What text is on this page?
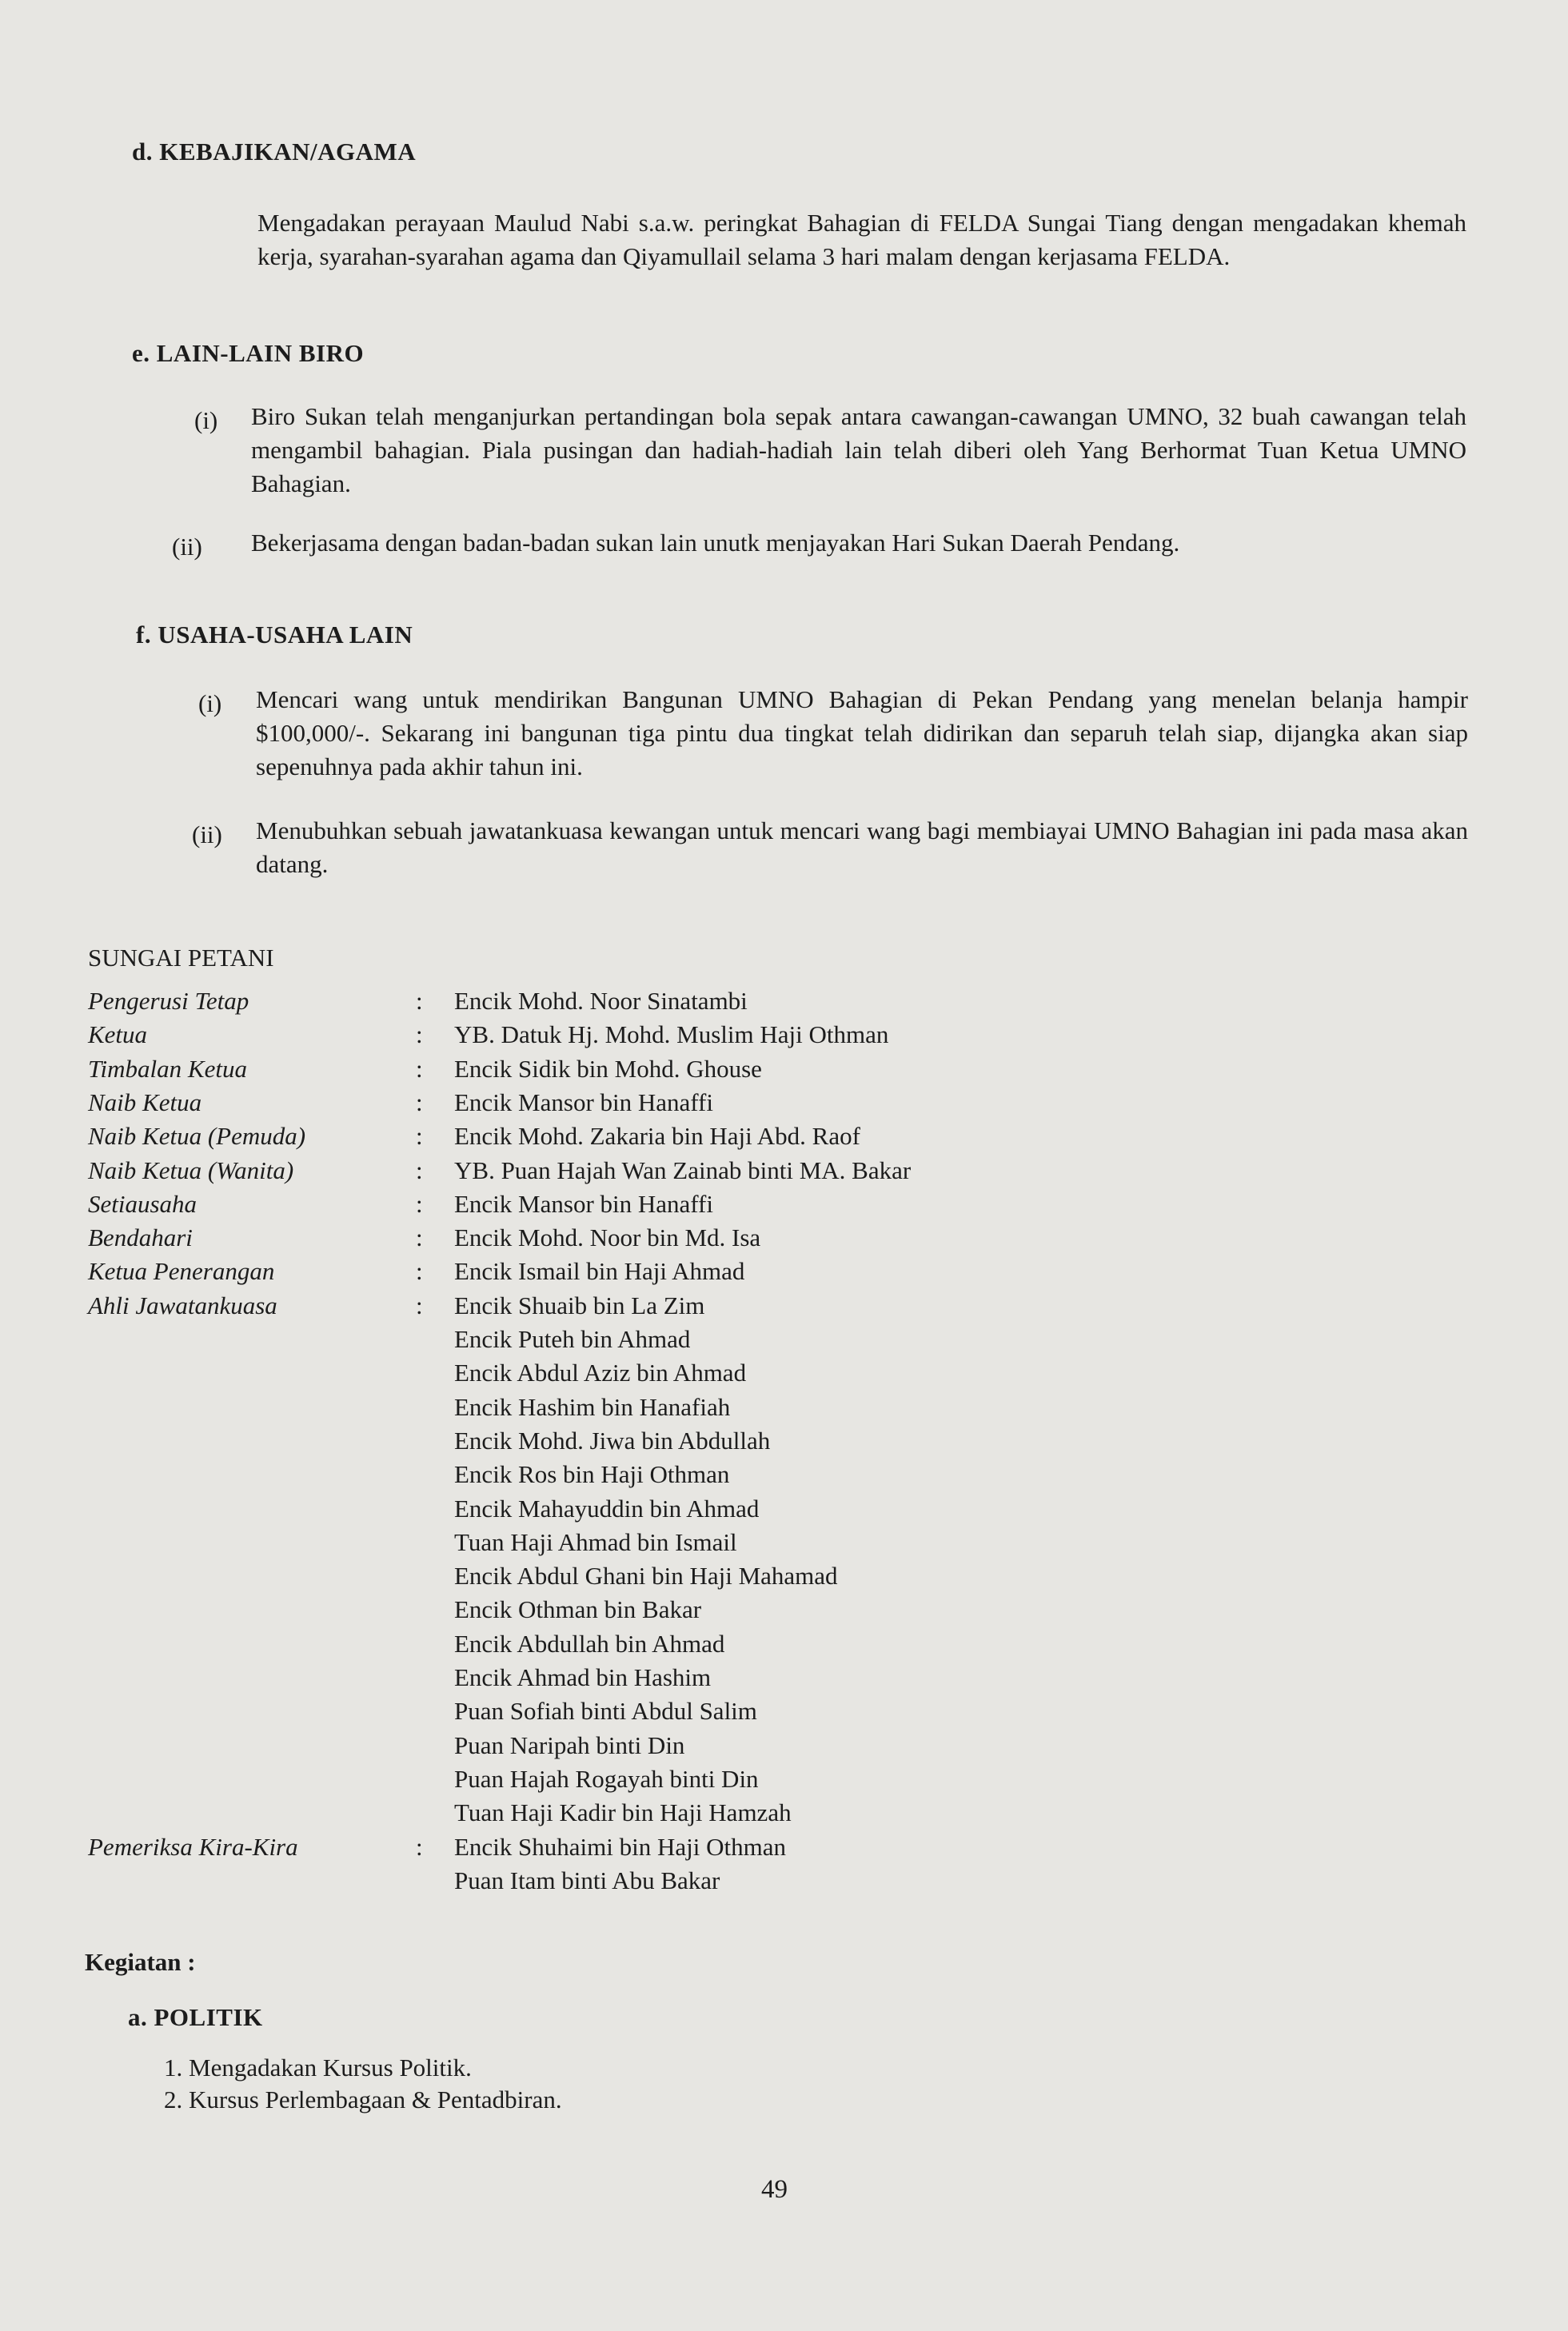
d. KEBAJIKAN/AGAMA
Mengadakan perayaan Maulud Nabi s.a.w. peringkat Bahagian di FELDA Sungai Tiang dengan mengadakan khemah kerja, syarahan-syarahan agama dan Qiyamullail selama 3 hari malam dengan kerjasama FELDA.
e. LAIN-LAIN BIRO
(i) Biro Sukan telah menganjurkan pertandingan bola sepak antara cawangan-cawangan UMNO, 32 buah cawangan telah mengambil bahagian. Piala pusingan dan hadiah-hadiah lain telah diberi oleh Yang Berhormat Tuan Ketua UMNO Bahagian.
(ii) Bekerjasama dengan badan-badan sukan lain unutk menjayakan Hari Sukan Daerah Pendang.
f. USAHA-USAHA LAIN
(i) Mencari wang untuk mendirikan Bangunan UMNO Bahagian di Pekan Pendang yang menelan belanja hampir $100,000/-. Sekarang ini bangunan tiga pintu dua tingkat telah didirikan dan separuh telah siap, dijangka akan siap sepenuhnya pada akhir tahun ini.
(ii) Menubuhkan sebuah jawatankuasa kewangan untuk mencari wang bagi membiayai UMNO Bahagian ini pada masa akan datang.
SUNGAI PETANI
Pengerusi Tetap	: Encik Mohd. Noor Sinatambi
Ketua	: YB. Datuk Hj. Mohd. Muslim Haji Othman
Timbalan Ketua	: Encik Sidik bin Mohd. Ghouse
Naib Ketua	: Encik Mansor bin Hanaffi
Naib Ketua (Pemuda)	: Encik Mohd. Zakaria bin Haji Abd. Raof
Naib Ketua (Wanita)	: YB. Puan Hajah Wan Zainab binti MA. Bakar
Setiausaha	: Encik Mansor bin Hanaffi
Bendahari	: Encik Mohd. Noor bin Md. Isa
Ketua Penerangan	: Encik Ismail bin Haji Ahmad
Ahli Jawatankuasa	: Encik Shuaib bin La Zim
Encik Puteh bin Ahmad
Encik Abdul Aziz bin Ahmad
Encik Hashim bin Hanafiah
Encik Mohd. Jiwa bin Abdullah
Encik Ros bin Haji Othman
Encik Mahayuddin bin Ahmad
Tuan Haji Ahmad bin Ismail
Encik Abdul Ghani bin Haji Mahamad
Encik Othman bin Bakar
Encik Abdullah bin Ahmad
Encik Ahmad bin Hashim
Puan Sofiah binti Abdul Salim
Puan Naripah binti Din
Puan Hajah Rogayah binti Din
Tuan Haji Kadir bin Haji Hamzah
Pemeriksa Kira-Kira	: Encik Shuhaimi bin Haji Othman
Puan Itam binti Abu Bakar
Kegiatan :
a. POLITIK
1. Mengadakan Kursus Politik.
2. Kursus Perlembagaan & Pentadbiran.
49
